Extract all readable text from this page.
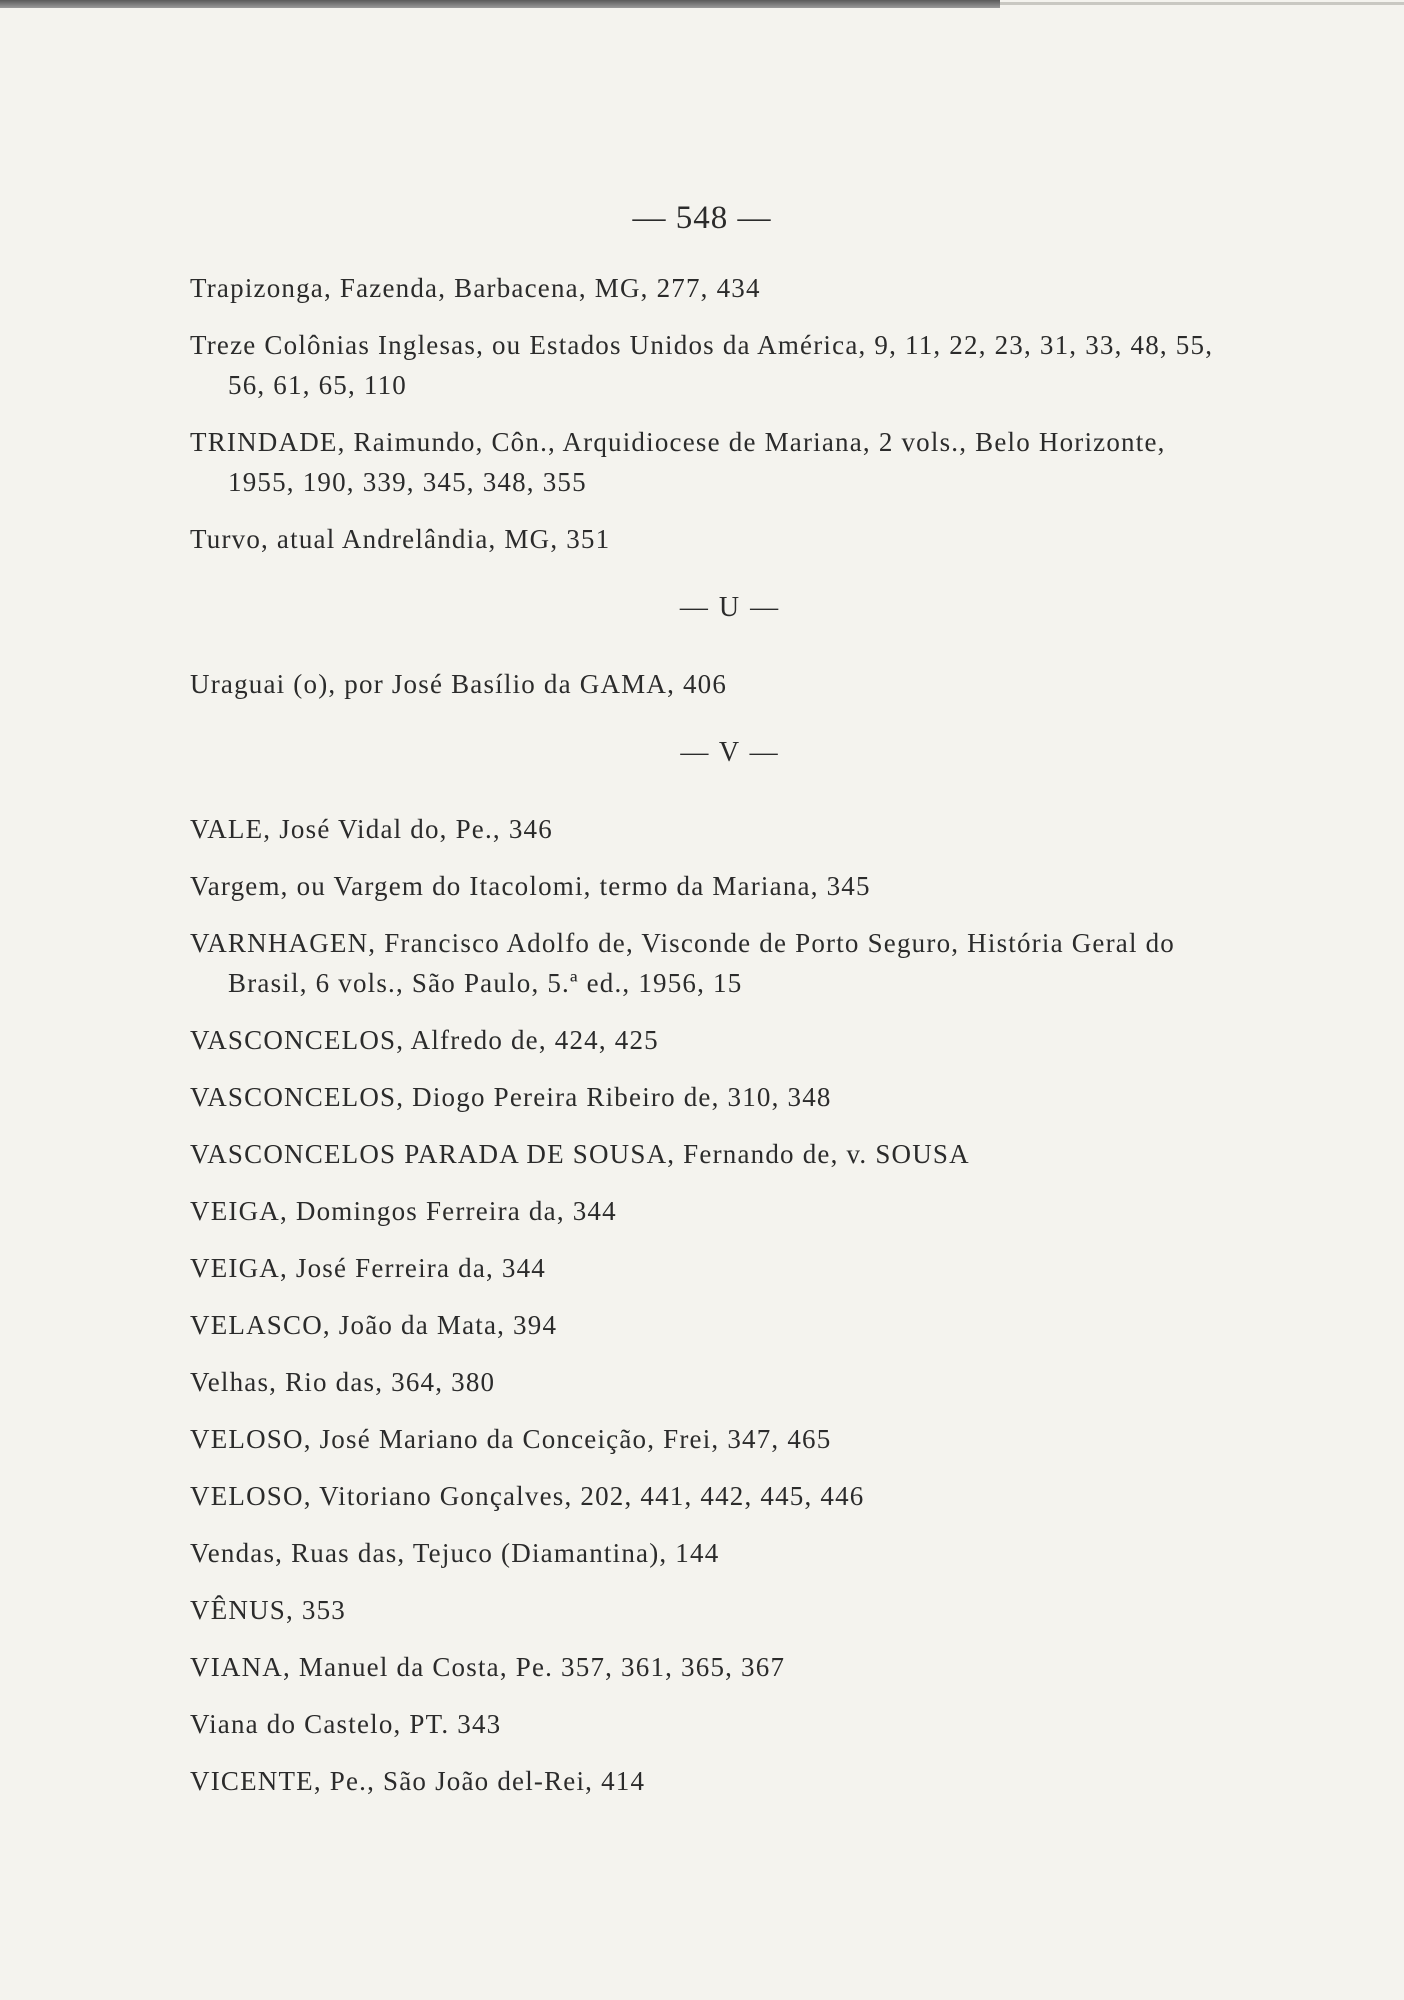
— 548 —
Trapizonga, Fazenda, Barbacena, MG, 277, 434
Treze Colônias Inglesas, ou Estados Unidos da América, 9, 11, 22, 23, 31, 33, 48, 55, 56, 61, 65, 110
TRINDADE, Raimundo, Côn., Arquidiocese de Mariana, 2 vols., Belo Horizonte, 1955, 190, 339, 345, 348, 355
Turvo, atual Andrelândia, MG, 351
— U —
Uraguai (o), por José Basílio da GAMA, 406
— V —
VALE, José Vidal do, Pe., 346
Vargem, ou Vargem do Itacolomi, termo da Mariana, 345
VARNHAGEN, Francisco Adolfo de, Visconde de Porto Seguro, História Geral do Brasil, 6 vols., São Paulo, 5.ª ed., 1956, 15
VASCONCELOS, Alfredo de, 424, 425
VASCONCELOS, Diogo Pereira Ribeiro de, 310, 348
VASCONCELOS PARADA DE SOUSA, Fernando de, v. SOUSA
VEIGA, Domingos Ferreira da, 344
VEIGA, José Ferreira da, 344
VELASCO, João da Mata, 394
Velhas, Rio das, 364, 380
VELOSO, José Mariano da Conceição, Frei, 347, 465
VELOSO, Vitoriano Gonçalves, 202, 441, 442, 445, 446
Vendas, Ruas das, Tejuco (Diamantina), 144
VÊNUS, 353
VIANA, Manuel da Costa, Pe. 357, 361, 365, 367
Viana do Castelo, PT. 343
VICENTE, Pe., São João del-Rei, 414
